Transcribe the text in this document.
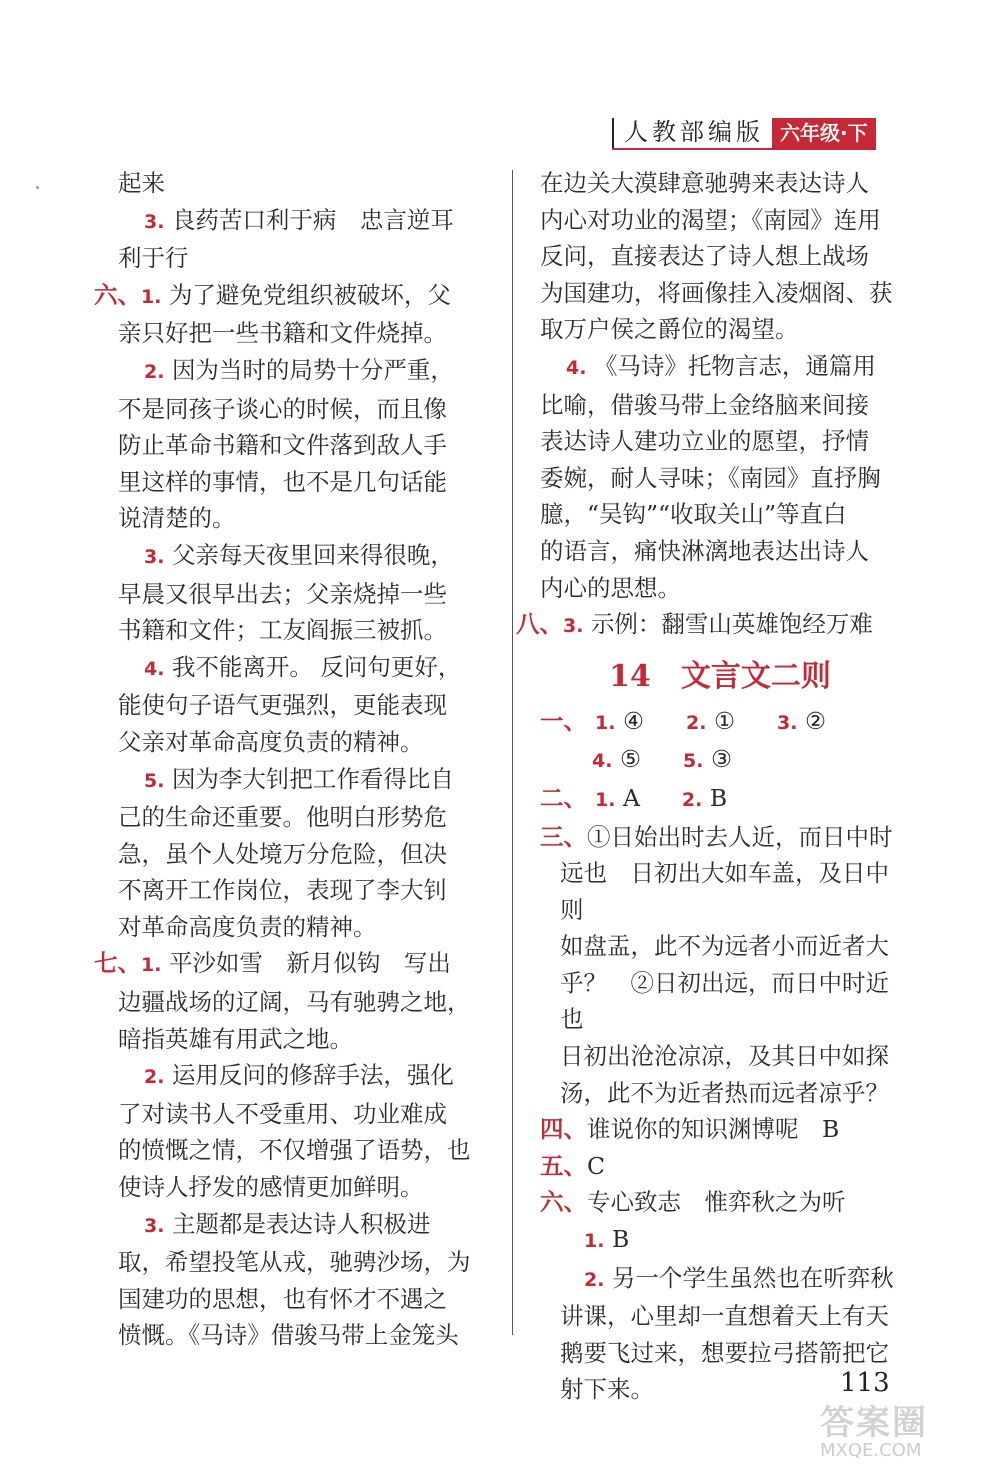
人教部编版 六年级·下
起来
3. 良药苦口利于病　忠言逆耳
利于行
六、1. 为了避免党组织被破坏，父
亲只好把一些书籍和文件烧掉。
2. 因为当时的局势十分严重，
不是同孩子谈心的时候，而且像
防止革命书籍和文件落到敌人手
里这样的事情，也不是几句话能
说清楚的。
3. 父亲每天夜里回来得很晚，
早晨又很早出去；父亲烧掉一些
书籍和文件；工友阎振三被抓。
4. 我不能离开。 反问句更好，
能使句子语气更强烈，更能表现
父亲对革命高度负责的精神。
5. 因为李大钊把工作看得比自
己的生命还重要。他明白形势危
急，虽个人处境万分危险，但决
不离开工作岗位，表现了李大钊
对革命高度负责的精神。
七、1. 平沙如雪　新月似钩　写出
边疆战场的辽阔，马有驰骋之地，
暗指英雄有用武之地。
2. 运用反问的修辞手法，强化
了对读书人不受重用、功业难成
的愤慨之情，不仅增强了语势，也
使诗人抒发的感情更加鲜明。
3. 主题都是表达诗人积极进
取，希望投笔从戎，驰骋沙场，为
国建功的思想，也有怀才不遇之
愤慨。《马诗》借骏马带上金笼头
在边关大漠肆意驰骋来表达诗人
内心对功业的渴望；《南园》连用
反问，直接表达了诗人想上战场
为国建功，将画像挂入凌烟阁、获
取万户侯之爵位的渴望。
4. 《马诗》托物言志，通篇用
比喻，借骏马带上金络脑来间接
表达诗人建功立业的愿望，抒情
委婉，耐人寻味；《南园》直抒胸
臆，“吴钩”“收取关山”等直白
的语言，痛快淋漓地表达出诗人
内心的思想。
八、3. 示例：翻雪山英雄饱经万难
14 文言文二则
一、 1. ④ 2. ① 3. ②
4. ⑤ 5. ③
二、 1. A 2. B
三、①日始出时去人近，而日中时
远也　日初出大如车盖，及日中则
如盘盂，此不为远者小而近者大
乎？　②日初出远，而日中时近也
日初出沧沧凉凉，及其日中如探
汤，此不为近者热而远者凉乎？
四、谁说你的知识渊博呢　B
五、C
六、专心致志　惟弈秋之为听
1. B
2. 另一个学生虽然也在听弈秋
讲课，心里却一直想着天上有天
鹅要飞过来，想要拉弓搭箭把它
射下来。	113
答案圈
MXQE.COM
